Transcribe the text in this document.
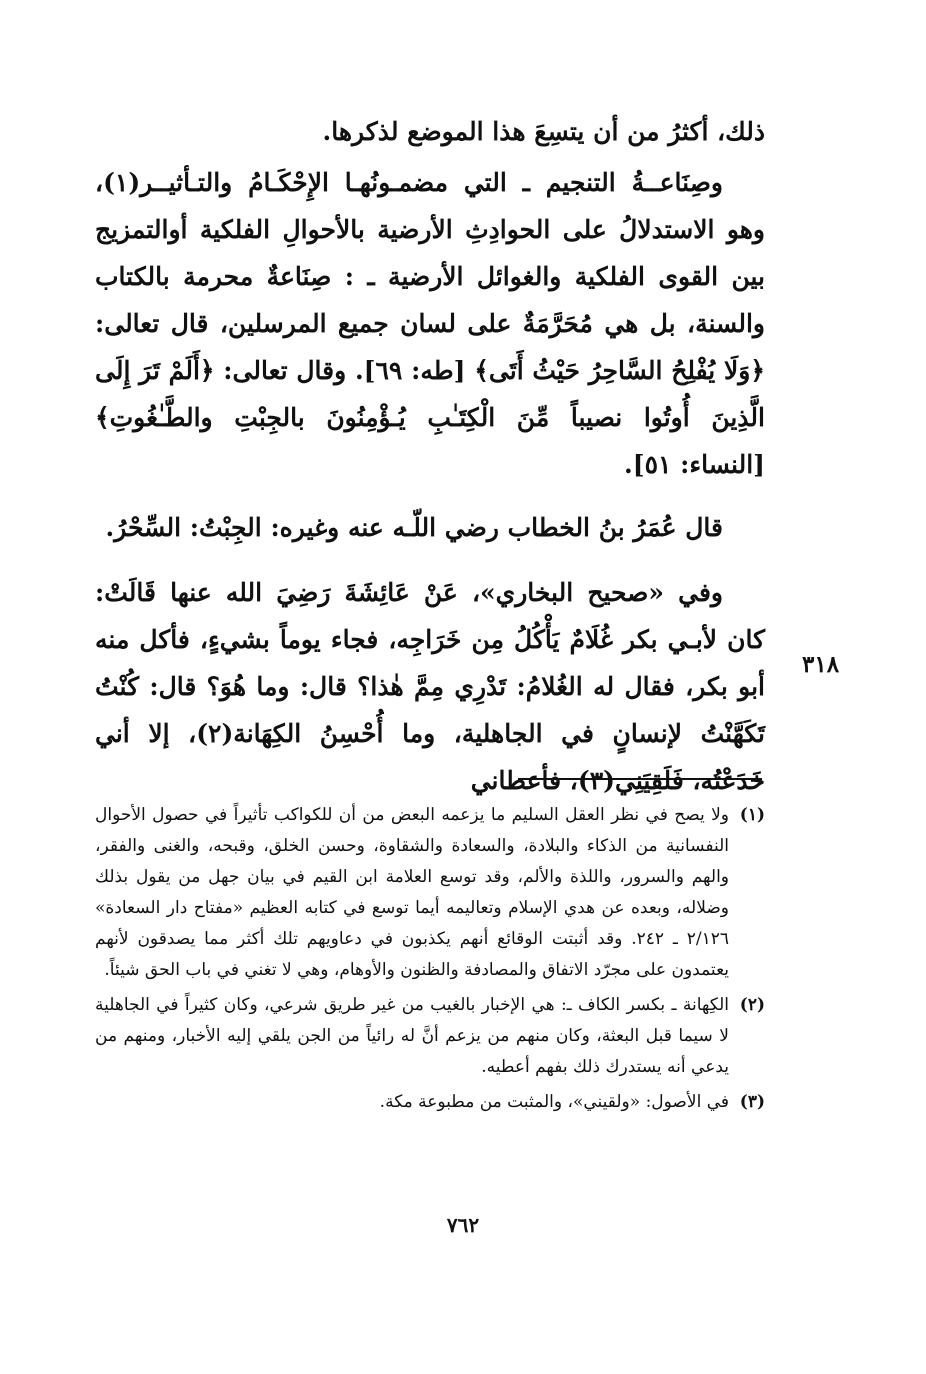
ذلك، أكثرُ من أن يتسِعَ هذا الموضع لذكرها.

وصِنَاعــةُ التنجيم ـ التي مضمـونُهـا الإِحْكَـامُ والتـأثيــر(١)، وهو الاستدلالُ على الحوادِثِ الأرضية بالأحوالِ الفلكية أوالتمزيج بين القوى الفلكية والغوائل الأرضية ـ : صِنَاعةٌ محرمة بالكتاب والسنة، بل هي مُحَرَّمَةٌ على لسان جميع المرسلين، قال تعالى: ﴿وَلَا يُفْلِحُ السَّاحِرُ حَيْثُ أَتَى﴾ [طه: ٦٩]. وقال تعالى: ﴿أَلَمْ تَرَ إِلَى الَّذِينَ أُوتُوا نصيباً مِّنَ الْكِتَـٰبِ يُـؤْمِنُونَ بالجِبْتِ والطَّـٰغُوتِ﴾ [النساء: ٥١].

قال عُمَرُ بنُ الخطاب رضي اللّـه عنه وغيره: الجِبْتُ: السِّحْرُ.

وفي «صحيح البخاري»، عَنْ عَائِشَةَ رَضِيَ الله عنها قَالَتْ: كان لأبـي بكر غُلَامٌ يَأْكُلُ مِن خَرَاجِه، فجاء يوماً بشيءٍ، فأكل منه أبو بكر، فقال له الغُلامُ: تَدْرِي مِمَّ هٰذا؟ قال: وما هُوَ؟ قال: كُنْتُ تَكَهَّنْتُ لإنسانٍ في الجاهلية، وما أُحْسِنُ الكِهَانة(٢)، إلا أني خَدَعْتُه، فَلَقِيَنِي(٣)، فأعطاني

٣١٨
(١)
ولا يصح في نظر العقل السليم ما يزعمه البعض من أن للكواكب تأثيراً في حصول الأحوال النفسانية من الذكاء والبلادة، والسعادة والشقاوة، وحسن الخلق، وقبحه، والغنى والفقر، والهم والسرور، واللذة والألم، وقد توسع العلامة ابن القيم في بيان جهل من يقول بذلك وضلاله، وبعده عن هدي الإسلام وتعاليمه أيما توسع في كتابه العظيم «مفتاح دار السعادة» ٢/١٢٦ ـ ٢٤٢. وقد أثبتت الوقائع أنهم يكذبون في دعاويهم تلك أكثر مما يصدقون لأنهم يعتمدون على مجرّد الاتفاق والمصادفة والظنون والأوهام، وهي لا تغني في باب الحق شيئاً.
(٢)
الكِهانة ـ بكسر الكاف ـ: هي الإخبار بالغيب من غير طريق شرعي، وكان كثيراً في الجاهلية لا سيما قبل البعثة، وكان منهم من يزعم أنَّ له رائياً من الجن يلقي إليه الأخبار، ومنهم من يدعي أنه يستدرك ذلك بفهم أعطيه.
(٣)
في الأصول: «ولقيني»، والمثبت من مطبوعة مكة.
٧٦٢
